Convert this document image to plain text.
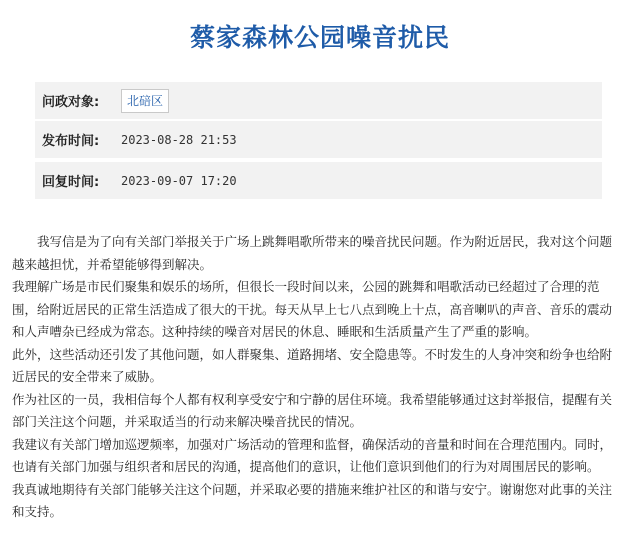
蔡家森林公园噪音扰民
问政对象:	北碚区
发布时间:	2023-08-28 21:53
回复时间:	2023-09-07 17:20

我写信是为了向有关部门举报关于广场上跳舞唱歌所带来的噪音扰民问题。作为附近居民，我对这个问题越来越担忧，并希望能够得到解决。

我理解广场是市民们聚集和娱乐的场所，但很长一段时间以来，公园的跳舞和唱歌活动已经超过了合理的范围，给附近居民的正常生活造成了很大的干扰。每天从早上七八点到晚上十点，高音喇叭的声音、音乐的震动和人声嘈杂已经成为常态。这种持续的噪音对居民的休息、睡眠和生活质量产生了严重的影响。

此外，这些活动还引发了其他问题，如人群聚集、道路拥堵、安全隐患等。不时发生的人身冲突和纷争也给附近居民的安全带来了威胁。

作为社区的一员，我相信每个人都有权利享受安宁和宁静的居住环境。我希望能够通过这封举报信，提醒有关部门关注这个问题，并采取适当的行动来解决噪音扰民的情况。

我建议有关部门增加巡逻频率，加强对广场活动的管理和监督，确保活动的音量和时间在合理范围内。同时，也请有关部门加强与组织者和居民的沟通，提高他们的意识，让他们意识到他们的行为对周围居民的影响。

我真诚地期待有关部门能够关注这个问题，并采取必要的措施来维护社区的和谐与安宁。谢谢您对此事的关注和支持。
